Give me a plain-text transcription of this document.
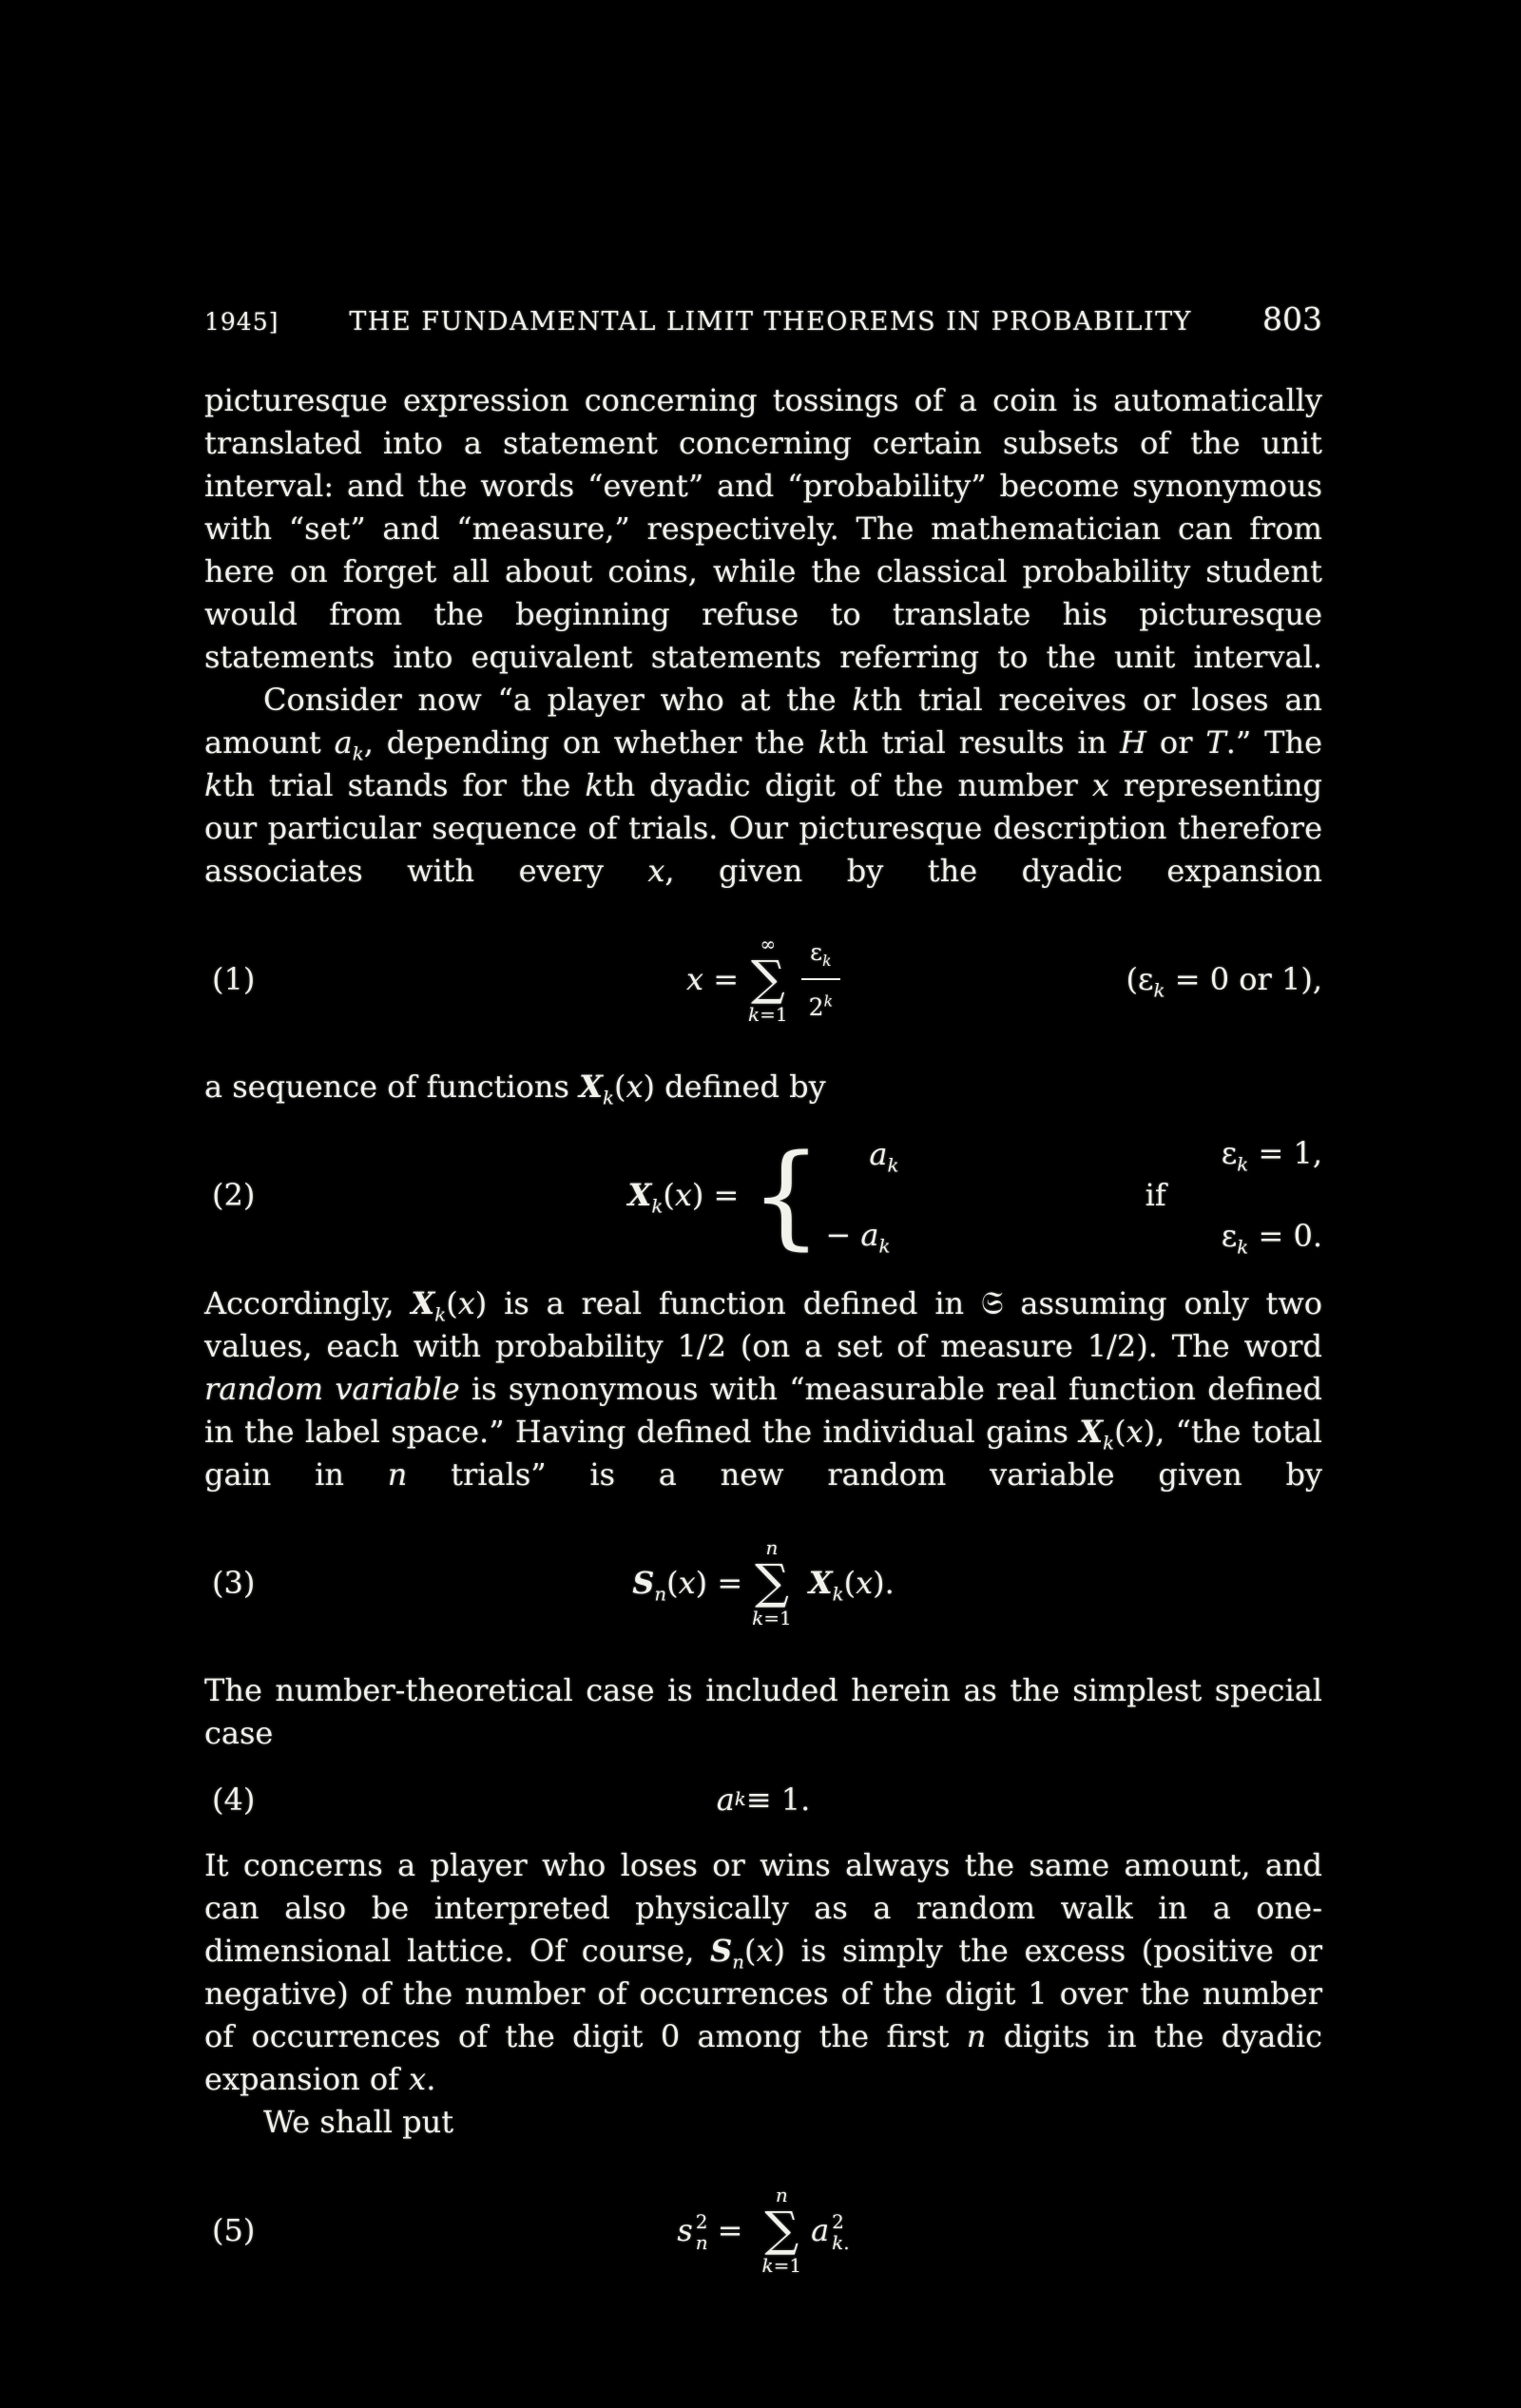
1945]	THE FUNDAMENTAL LIMIT THEOREMS IN PROBABILITY	803

picturesque expression concerning tossings of a coin is automatically translated into a statement concerning certain subsets of the unit interval: and the words “event” and “probability” become synonymous with “set” and “measure,” respectively. The mathematician can from here on forget all about coins, while the classical probability student would from the beginning refuse to translate his picturesque statements into equivalent statements referring to the unit interval.

Consider now “a player who at the kth trial receives or loses an amount $a_k$, depending on whether the kth trial results in H or T.” The kth trial stands for the kth dyadic digit of the number x representing our particular sequence of trials. Our picturesque description therefore associates with every x, given by the dyadic expansion

(1)	x =
∞
∑
$k=1 \frac{\varepsilon_k}{2^k}$	($\varepsilon_k = 0$ or 1),

a sequence of functions $X_k(x)$ defined by

(2)	$X_k(x)$ = { $a_k$
− $a_k$
if
$\varepsilon_k = 1$,
$\varepsilon_k = 0$.

Accordingly, $X_k(x)$ is a real function defined in 𝔖 assuming only two values, each with probability 1/2 (on a set of measure 1/2). The word random variable is synonymous with “measurable real function defined in the label space.” Having defined the individual gains $X_k(x)$, “the total gain in n trials” is a new random variable given by

(3)	$S_n(x)$ =
n
∑
k=1
$X_k(x)$.

The number-theoretical case is included herein as the simplest special case

(4)	a k ≡ 1.

It concerns a player who loses or wins always the same amount, and can also be interpreted physically as a random walk in a one-dimensional lattice. Of course, $S_n(x)$ is simply the excess (positive or negative) of the number of occurrences of the digit 1 over the number of occurrences of the digit 0 among the first n digits in the dyadic expansion of x.

We shall put

(5)	s 2
n =
n
∑
k=1
a 2
k.
